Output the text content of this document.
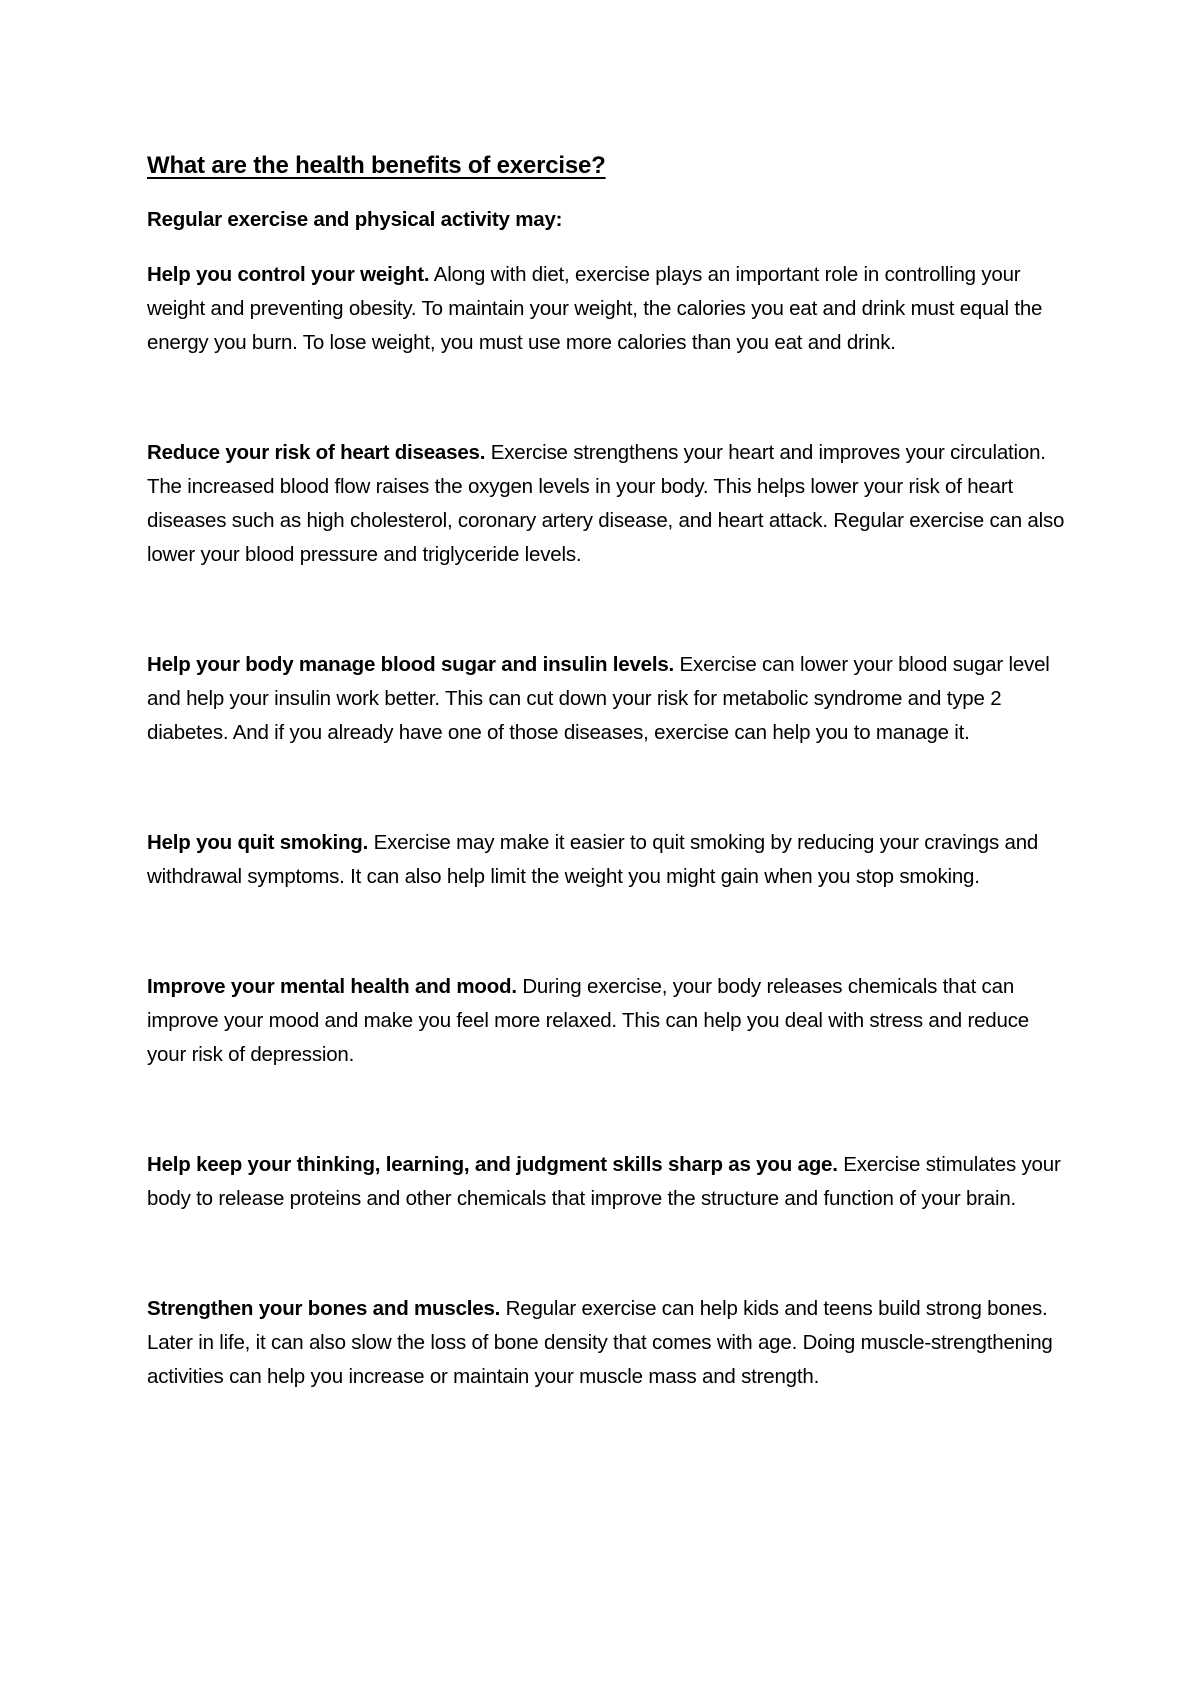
What are the health benefits of exercise?

Regular exercise and physical activity may:

Help you control your weight. Along with diet, exercise plays an important role in controlling your weight and preventing obesity. To maintain your weight, the calories you eat and drink must equal the energy you burn. To lose weight, you must use more calories than you eat and drink.

Reduce your risk of heart diseases. Exercise strengthens your heart and improves your circulation. The increased blood flow raises the oxygen levels in your body. This helps lower your risk of heart diseases such as high cholesterol, coronary artery disease, and heart attack. Regular exercise can also lower your blood pressure and triglyceride levels.

Help your body manage blood sugar and insulin levels. Exercise can lower your blood sugar level and help your insulin work better. This can cut down your risk for metabolic syndrome and type 2 diabetes. And if you already have one of those diseases, exercise can help you to manage it.

Help you quit smoking. Exercise may make it easier to quit smoking by reducing your cravings and withdrawal symptoms. It can also help limit the weight you might gain when you stop smoking.

Improve your mental health and mood. During exercise, your body releases chemicals that can improve your mood and make you feel more relaxed. This can help you deal with stress and reduce your risk of depression.

Help keep your thinking, learning, and judgment skills sharp as you age. Exercise stimulates your body to release proteins and other chemicals that improve the structure and function of your brain.

Strengthen your bones and muscles. Regular exercise can help kids and teens build strong bones. Later in life, it can also slow the loss of bone density that comes with age. Doing muscle-strengthening activities can help you increase or maintain your muscle mass and strength.
